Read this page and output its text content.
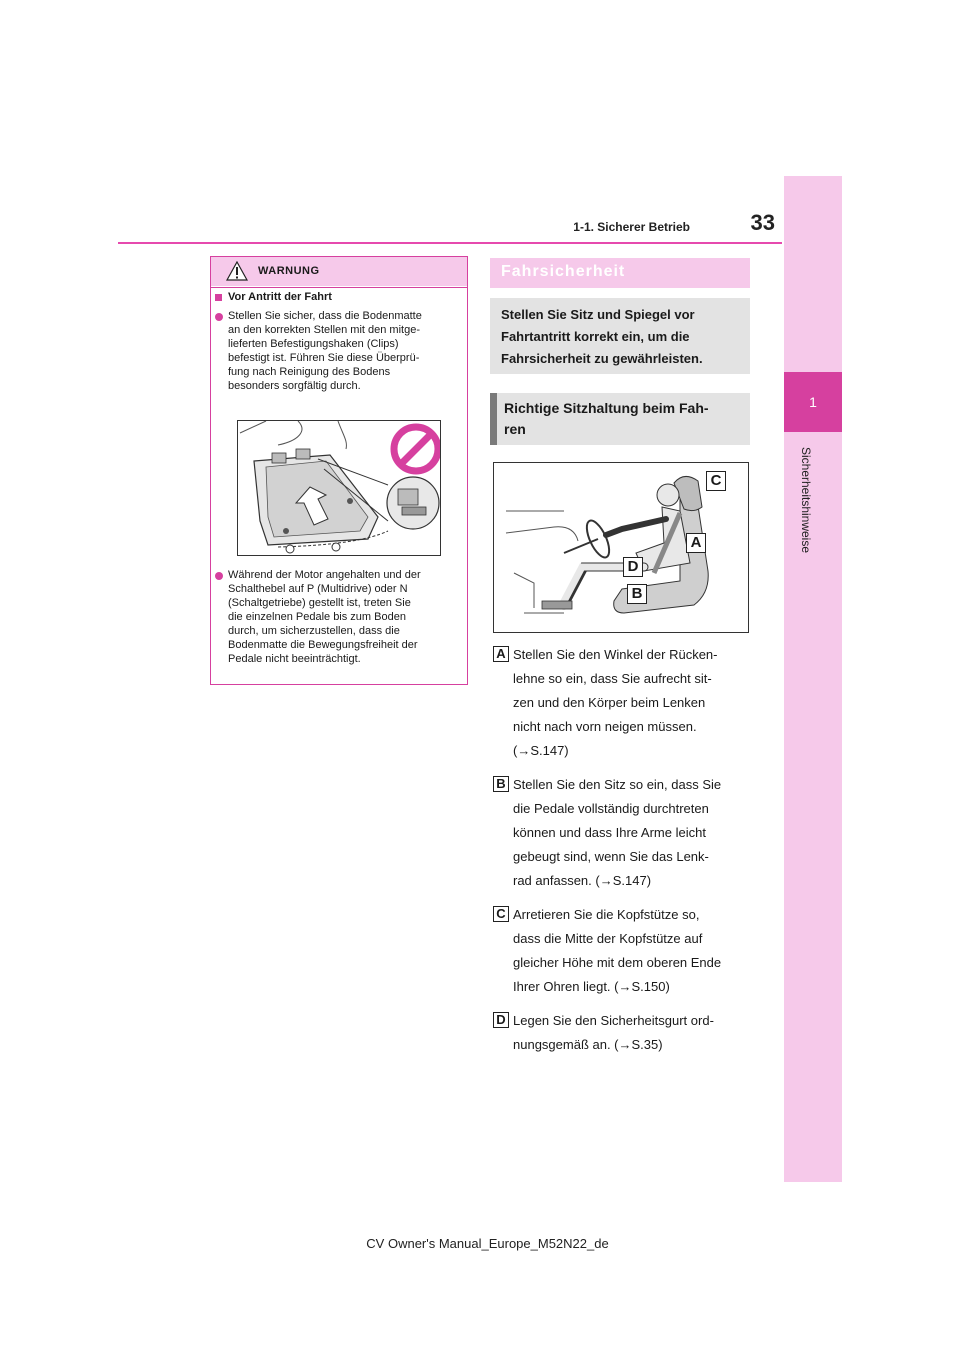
1
Sicherheitshinweise
1-1. Sicherer Betrieb	33
WARNUNG
Vor Antritt der Fahrt
Stellen Sie sicher, dass die Bodenmatte
an den korrekten Stellen mit den mitge-
lieferten Befestigungshaken (Clips)
befestigt ist. Führen Sie diese Überprü-
fung nach Reinigung des Bodens
besonders sorgfältig durch.
Während der Motor angehalten und der
Schalthebel auf P (Multidrive) oder N
(Schaltgetriebe) gestellt ist, treten Sie
die einzelnen Pedale bis zum Boden
durch, um sicherzustellen, dass die
Bodenmatte die Bewegungsfreiheit der
Pedale nicht beeinträchtigt.
Fahrsicherheit
Stellen Sie Sitz und Spiegel vor
Fahrtantritt korrekt ein, um die
Fahrsicherheit zu gewährleisten.
Richtige Sitzhaltung beim Fah-
ren
C
A
D
B
A Stellen Sie den Winkel der Rücken-
lehne so ein, dass Sie aufrecht sit-
zen und den Körper beim Lenken
nicht nach vorn neigen müssen.
(→S.147)
B Stellen Sie den Sitz so ein, dass Sie
die Pedale vollständig durchtreten
können und dass Ihre Arme leicht
gebeugt sind, wenn Sie das Lenk-
rad anfassen. (→S.147)
C Arretieren Sie die Kopfstütze so,
dass die Mitte der Kopfstütze auf
gleicher Höhe mit dem oberen Ende
Ihrer Ohren liegt. (→S.150)
D Legen Sie den Sicherheitsgurt ord-
nungsgemäß an. (→S.35)
CV Owner's Manual_Europe_M52N22_de
